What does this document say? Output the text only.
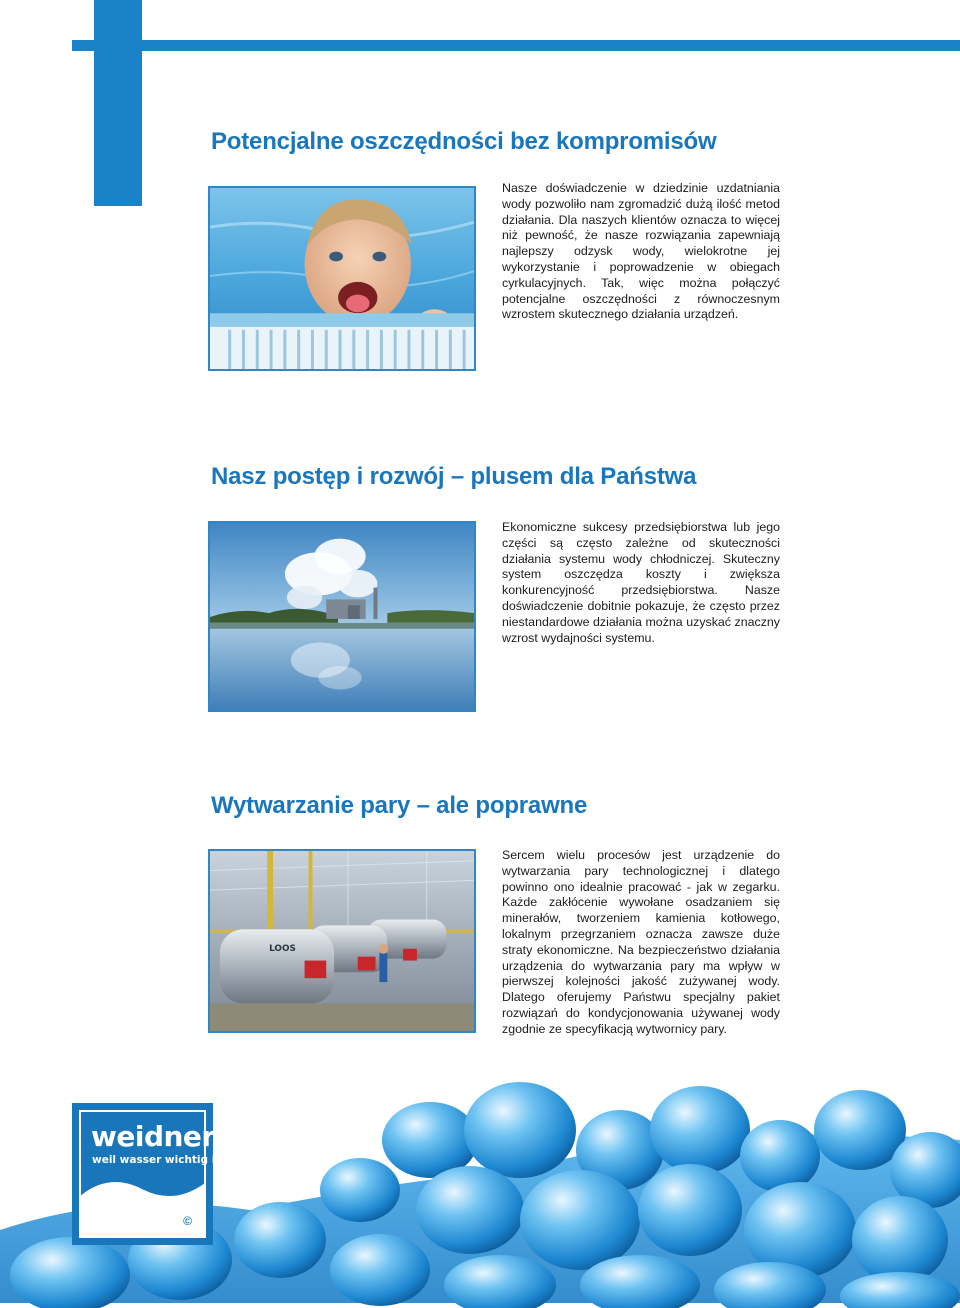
Potencjalne oszczędności bez kompromisów

Nasze doświadczenie w dziedzinie uzdatniania wody pozwoliło nam zgromadzić dużą ilość metod działania. Dla naszych klientów oznacza to więcej niż pewność, że nasze rozwiązania zapewniają najlepszy odzysk wody, wielokrotne jej wykorzystanie i poprowadzenie w obiegach cyrkulacyjnych. Tak, więc można połączyć potencjalne oszczędności z równoczesnym wzrostem skutecznego działania urządzeń.

Nasz postęp i rozwój – plusem dla Państwa

Ekonomiczne sukcesy przedsiębiorstwa lub jego części są często zależne od skuteczności działania systemu wody chłodniczej. Skuteczny system oszczędza koszty i zwiększa konkurencyjność przedsiębiorstwa. Nasze doświadczenie dobitnie pokazuje, że często przez niestandardowe działania można uzyskać znaczny wzrost wydajności systemu.

Wytwarzanie pary – ale poprawne
LOOS

Sercem wielu procesów jest urządzenie do wytwarzania pary technologicznej i dlatego powinno ono idealnie pracować - jak w zegarku. Każde zakłócenie wywołane osadzaniem się minerałów, tworzeniem kamienia kotłowego, lokalnym przegrzaniem oznacza zawsze duże straty ekonomiczne. Na bezpieczeństwo działania urządzenia do wytwarzania pary ma wpływ w pierwszej kolejności jakość zużywanej wody. Dlatego oferujemy Państwu specjalny pakiet rozwiązań do kondycjonowania używanej wody zgodnie ze specyfikacją wytwornicy pary.

weidner
weil wasser wichtig ist
©
